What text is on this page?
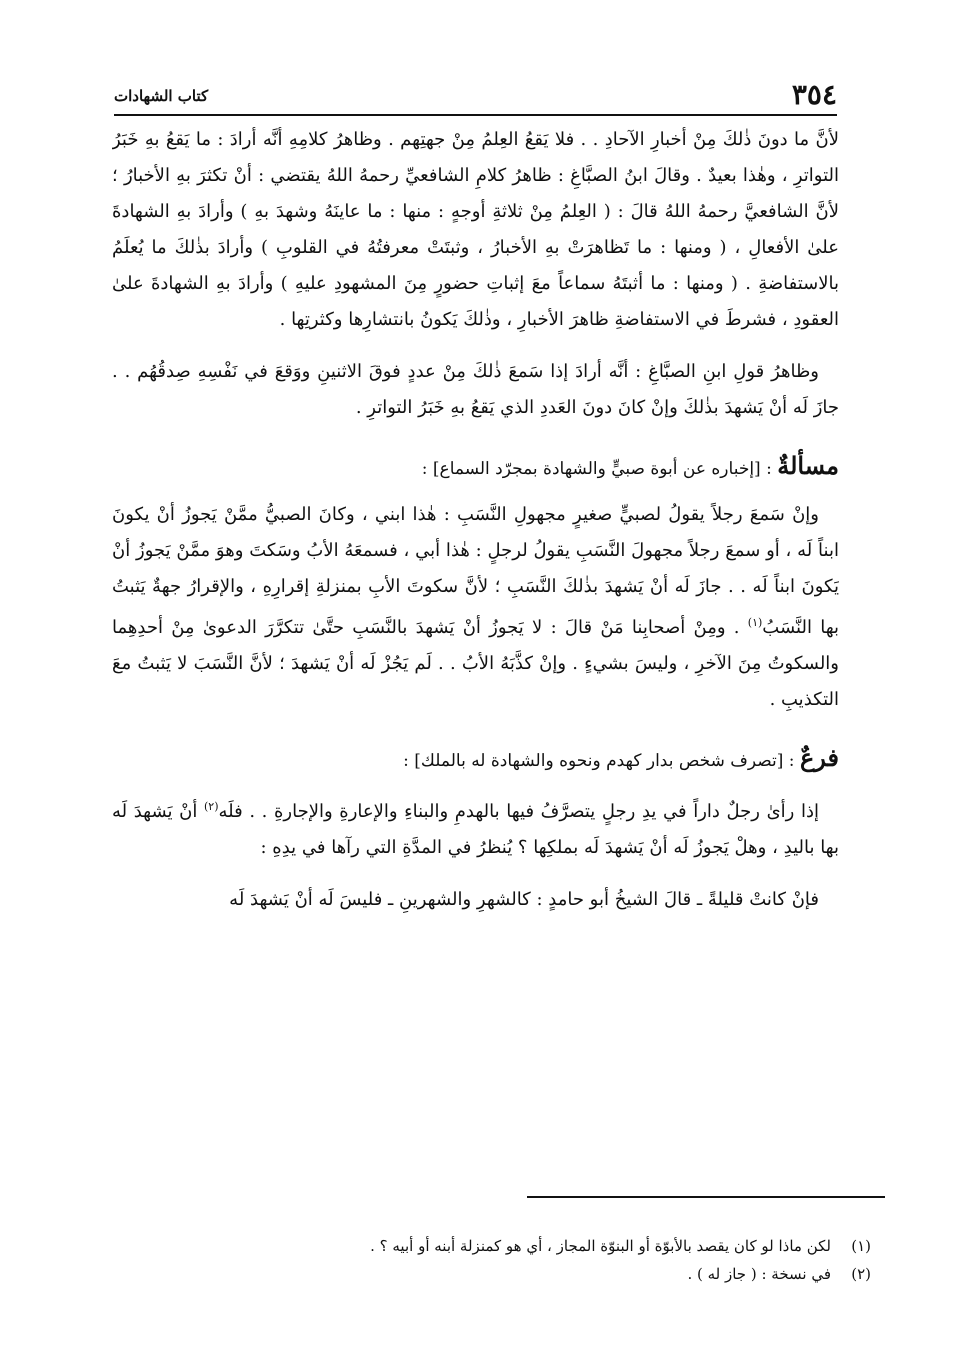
٣٥٤
كتاب الشهادات

لأنَّ ما دونَ ذٰلكَ مِنْ أخبارِ الآحادِ . . فلا يَقعُ العِلمُ مِنْ جهتِهم . وظاهرُ كلامِهِ أنَّه أرادَ : ما يَقعُ بهِ خَبَرُ التواترِ ، وهٰذا بعيدٌ . وقالَ ابنُ الصبَّاغِ : ظاهرُ كلامِ الشافعيِّ رحمهُ اللهُ يقتضي : أنْ تكثرَ بهِ الأخبارُ ؛ لأنَّ الشافعيَّ رحمهُ اللهُ قالَ : ( العِلمُ مِنْ ثلاثةِ أوجهٍ : منها : ما عاينَهُ وشهدَ بهِ ) وأرادَ بهِ الشهادةَ علىٰ الأفعالِ ، ( ومنها : ما تَظاهرَتْ بهِ الأخبارُ ، وثبتَتْ معرفتُهُ في القلوبِ ) وأرادَ بذٰلكَ ما يُعلَمُ بالاستفاضةِ . ( ومنها : ما أثبتَهُ سماعاً معَ إثباتِ حضورٍ مِنَ المشهودِ عليهِ ) وأرادَ بهِ الشهادةَ علىٰ العقودِ ، فشرطَ في الاستفاضةِ ظاهرَ الأخبارِ ، وذٰلكَ يَكونُ بانتشارِها وكثرتِها .

وظاهرُ قولِ ابنِ الصبَّاغِ : أنَّه أرادَ إذا سَمعَ ذٰلكَ مِنْ عددٍ فوقَ الاثنينِ ووَقعَ في نَفْسِهِ صِدقُهُم . . جازَ لَه أنْ يَشهدَ بذٰلكَ وإنْ كانَ دونَ العَددِ الذي يَقعُ بهِ خَبَرُ التواترِ .

مسألةٌ : [إخباره عن أبوة صبيٍّ والشهادة بمجرّد السماع] :

وإنْ سَمعَ رجلاً يقولُ لصبيٍّ صغيرٍ مجهولِ النَّسَبِ : هٰذا ابني ، وكانَ الصبيُّ ممَّنْ يَجوزُ أنْ يكونَ ابناً لَه ، أو سمعَ رجلاً مجهولَ النَّسَبِ يقولُ لرجلٍ : هٰذا أبي ، فسمعَهُ الأبُ وسَكتَ وهوَ ممَّنْ يَجوزُ أنْ يَكونَ ابناً لَه . . جازَ لَه أنْ يَشهدَ بذٰلكَ النَّسَبِ ؛ لأنَّ سكوتَ الأبِ بمنزلةِ إقرارِهِ ، والإقرارُ جهةٌ يَثبتُ بها النَّسَبُ$^{(١)}$ . ومِنْ أصحابِنا مَنْ قالَ : لا يَجوزُ أنْ يَشهدَ بالنَّسَبِ حتَّىٰ تتكرَّرَ الدعوىٰ مِنْ أحدِهِما والسكوتُ مِنَ الآخرِ ، وليسَ بشيءٍ . وإنْ كذَّبَهُ الأبُ . . لَم يَجُزْ لَه أنْ يَشهدَ ؛ لأنَّ النَّسَبَ لا يَثبتُ معَ التكذيبِ .

فرعٌ : [تصرف شخص بدار كهدم ونحوه والشهادة له بالملك] :

إذا رأىٰ رجلٌ داراً في يدِ رجلٍ يتصرَّفُ فيها بالهدمِ والبناءِ والإعارةِ والإجارةِ . . فلَه$^{(٢)}$ أنْ يَشهدَ لَه بها باليدِ ، وهلْ يَجوزُ لَه أنْ يَشهدَ لَه بملكِها ؟ يُنظرُ في المدَّةِ التي رآها في يدِهِ :

فإنْ كانتْ قليلةً ـ قالَ الشيخُ أبو حامدٍ : كالشهرِ والشهرينِ ـ فليسَ لَه أنْ يَشهدَ لَه

(١)لكن ماذا لو كان يقصد بالأبوّة أو البنوّة المجاز ، أي هو كمنزلة أبنه أو أبيه ؟ .
(٢)في نسخة : ( جاز له ) .
